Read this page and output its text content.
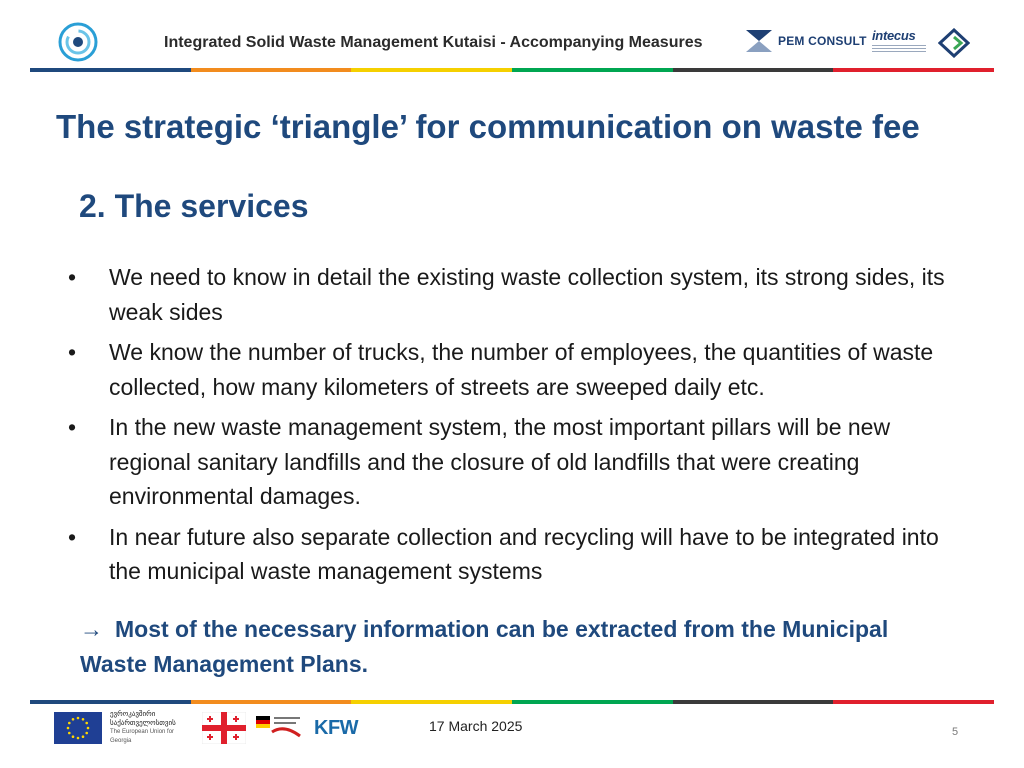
Integrated Solid Waste Management Kutaisi - Accompanying Measures	PEM CONSULT intecus
The strategic ‘triangle’ for communication on waste fee
2. The services
•	We need to know in detail the existing waste collection system, its strong sides, its weak sides
•	We know the number of trucks, the number of employees, the quantities of waste collected, how many kilometers of streets are sweeped daily etc.
•	In the new waste management system, the most important pillars will be new regional sanitary landfills and the closure of old landfills that were creating environmental damages.
•	In near future also separate collection and recycling will have to be integrated into the municipal waste management systems
→ Most of the necessary information can be extracted from the Municipal Waste Management Plans.
ევროკავშირი
საქართველოსთვის
The European Union for Georgia
KFW	17 March 2025	5
